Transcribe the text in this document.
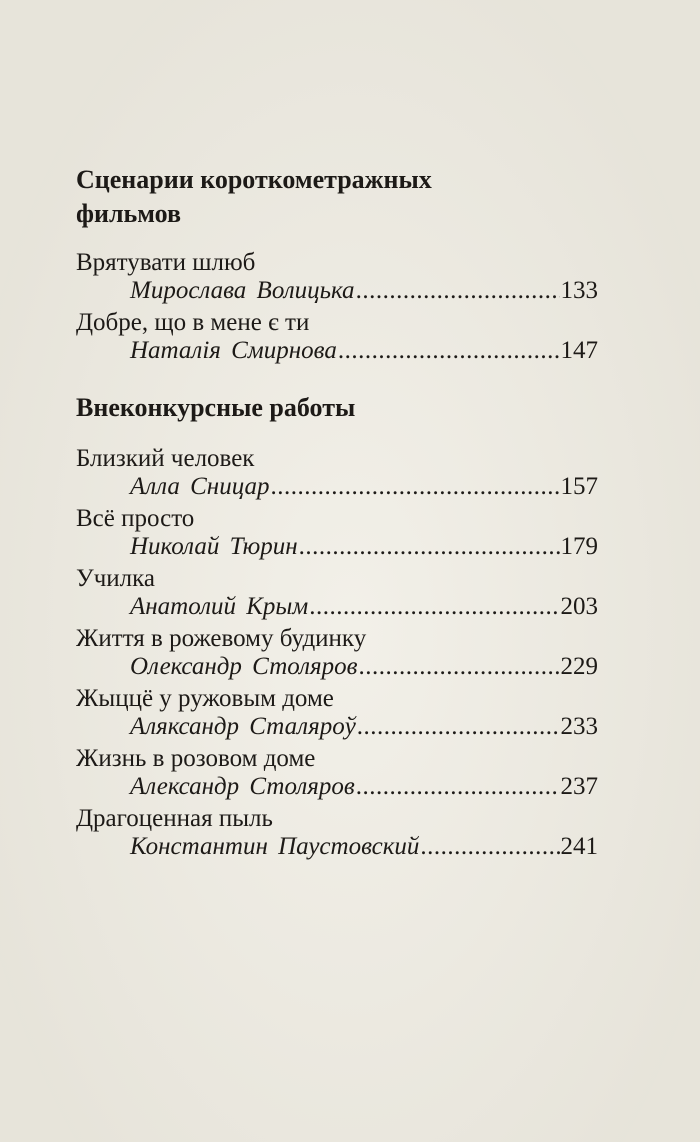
Сценарии короткометражных
фильмов
Врятувати шлюб
Мирослава Волицька .....	133
Добре, що в мене є ти
Наталія Смирнова .....	147
Внеконкурсные работы
Близкий человек
Алла Сницар .....	157
Всё просто
Николай Тюрин .....	179
Училка
Анатолий Крым .....	203
Життя в рожевому будинку
Олександр Столяров .....	229
Жыццё у ружовым доме
Аляксандр Сталяроў .....	233
Жизнь в розовом доме
Александр Столяров .....	237
Драгоценная пыль
Константин Паустовский .....	241
